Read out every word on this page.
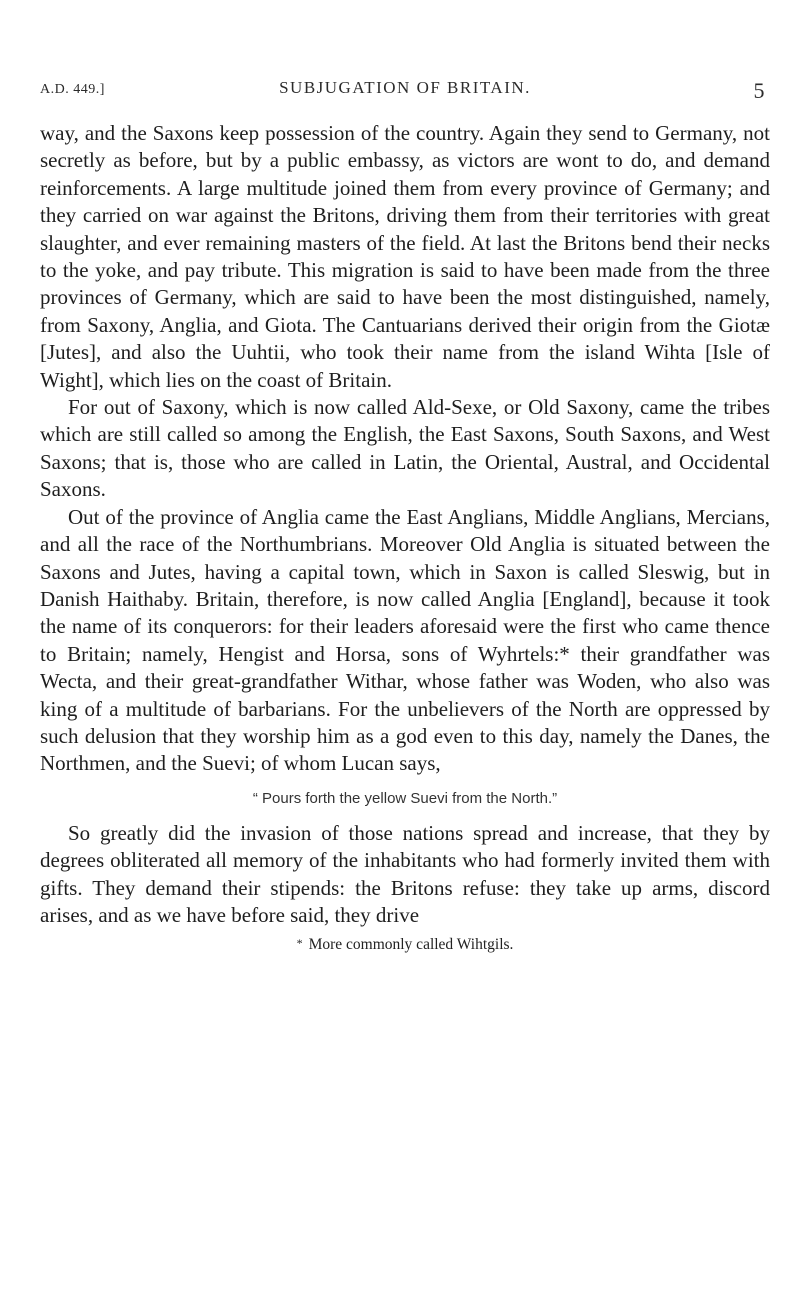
A.D. 449.]	SUBJUGATION OF BRITAIN.	5

way, and the Saxons keep possession of the country. Again they send to Germany, not secretly as before, but by a public embassy, as victors are wont to do, and demand reinforcements. A large multitude joined them from every province of Germany; and they carried on war against the Britons, driving them from their territories with great slaughter, and ever remaining masters of the field. At last the Britons bend their necks to the yoke, and pay tribute. This migration is said to have been made from the three provinces of Germany, which are said to have been the most distinguished, namely, from Saxony, Anglia, and Giota. The Cantuarians derived their origin from the Giotæ [Jutes], and also the Uuhtii, who took their name from the island Wihta [Isle of Wight], which lies on the coast of Britain.

For out of Saxony, which is now called Ald-Sexe, or Old Saxony, came the tribes which are still called so among the English, the East Saxons, South Saxons, and West Saxons; that is, those who are called in Latin, the Oriental, Austral, and Occidental Saxons.

Out of the province of Anglia came the East Anglians, Middle Anglians, Mercians, and all the race of the Northumbrians. Moreover Old Anglia is situated between the Saxons and Jutes, having a capital town, which in Saxon is called Sleswig, but in Danish Haithaby. Britain, therefore, is now called Anglia [England], because it took the name of its conquerors: for their leaders aforesaid were the first who came thence to Britain; namely, Hengist and Horsa, sons of Wyhrtels:* their grandfather was Wecta, and their great-grandfather Withar, whose father was Woden, who also was king of a multitude of barbarians. For the unbelievers of the North are oppressed by such delusion that they worship him as a god even to this day, namely the Danes, the Northmen, and the Suevi; of whom Lucan says,

“ Pours forth the yellow Suevi from the North.”

So greatly did the invasion of those nations spread and increase, that they by degrees obliterated all memory of the inhabitants who had formerly invited them with gifts. They demand their stipends: the Britons refuse: they take up arms, discord arises, and as we have before said, they drive

* More commonly called Wihtgils.
